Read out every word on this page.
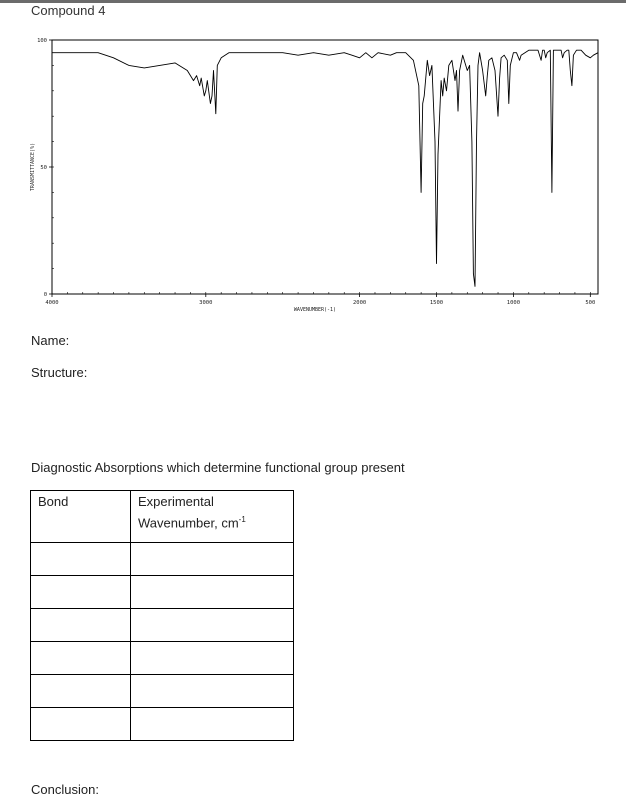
Compound 4
4000	3000	2000	1500	1000	500
0
50
100
WAVENUMBER(-1)
TRANSMITTANCE(%)
Name:
Structure:
Diagnostic Absorptions which determine functional group present
Bond	Experimental
Wavenumber, $cm^{-1}$

Conclusion:
